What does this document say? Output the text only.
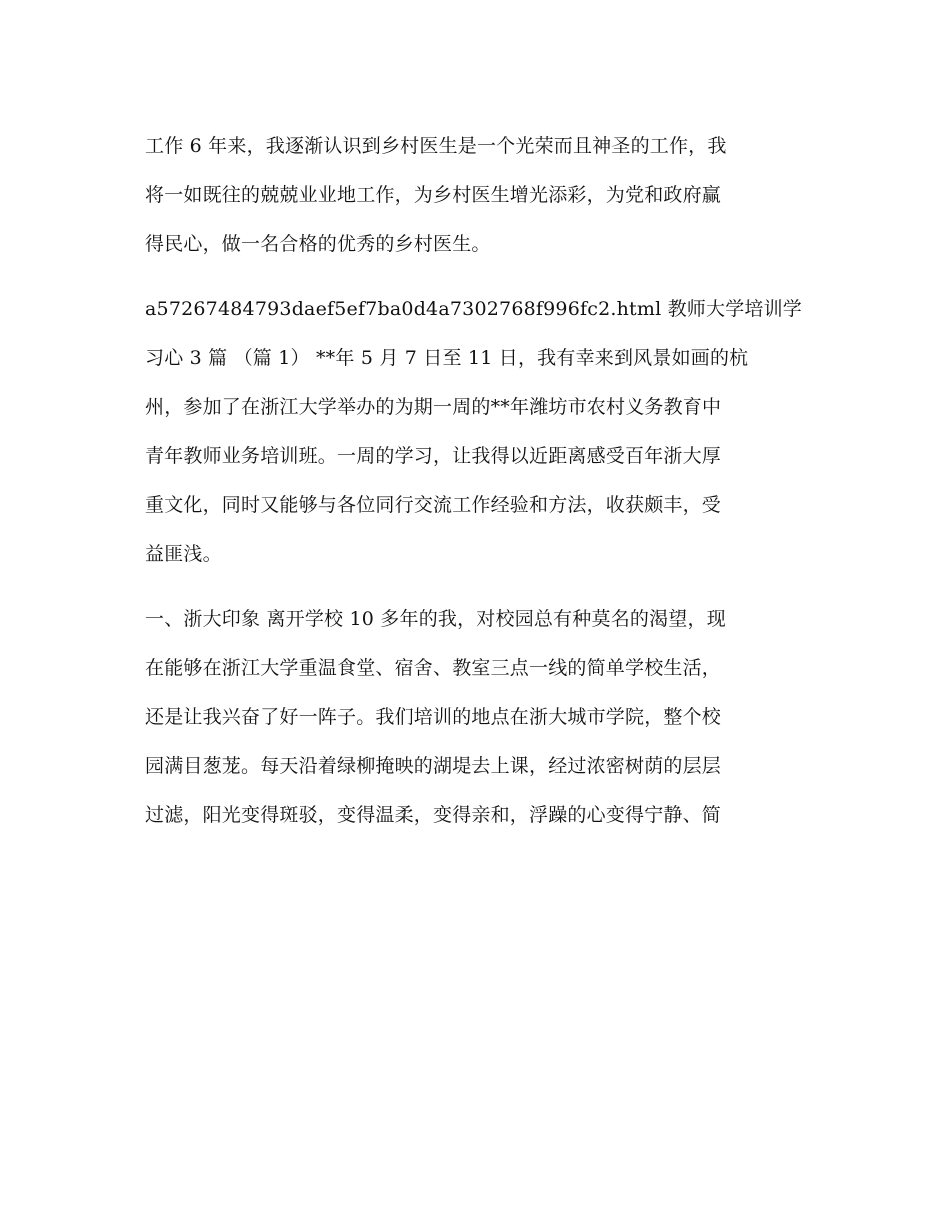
工作 6 年来，我逐渐认识到乡村医生是一个光荣而且神圣的工作，我
将一如既往的兢兢业业地工作，为乡村医生增光添彩，为党和政府赢
得民心，做一名合格的优秀的乡村医生。
a57267484793daef5ef7ba0d4a7302768f996fc2.html 教师大学培训学
习心 3 篇 （篇 1） **年 5 月 7 日至 11 日，我有幸来到风景如画的杭
州，参加了在浙江大学举办的为期一周的**年潍坊市农村义务教育中
青年教师业务培训班。一周的学习，让我得以近距离感受百年浙大厚
重文化，同时又能够与各位同行交流工作经验和方法，收获颇丰，受
益匪浅。
一、浙大印象 离开学校 10 多年的我，对校园总有种莫名的渴望，现
在能够在浙江大学重温食堂、宿舍、教室三点一线的简单学校生活，
还是让我兴奋了好一阵子。我们培训的地点在浙大城市学院，整个校
园满目葱茏。每天沿着绿柳掩映的湖堤去上课，经过浓密树荫的层层
过滤，阳光变得斑驳，变得温柔，变得亲和，浮躁的心变得宁静、简
